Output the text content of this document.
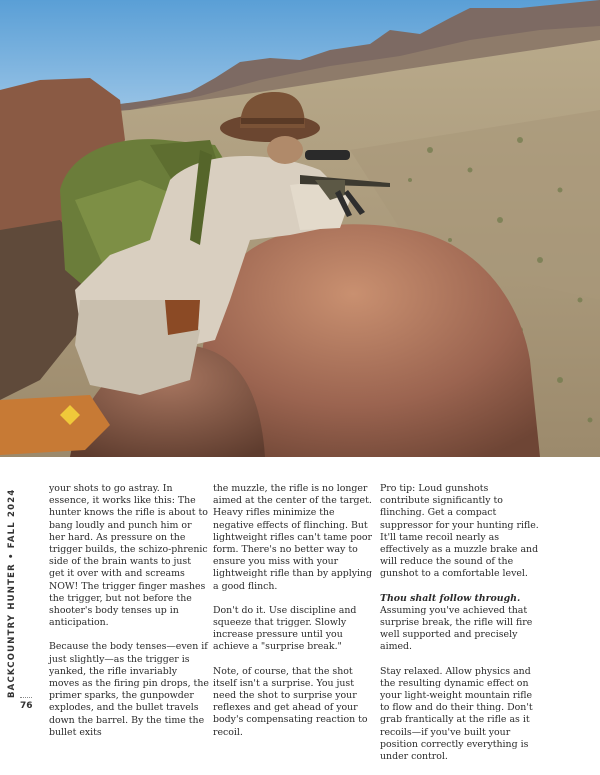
BACKCOUNTRY HUNTER • FALL 2024
76

your shots to go astray. In essence, it works like this: The hunter knows the rifle is about to bang loudly and punch him or her hard. As pressure on the trigger builds, the schizo-phrenic side of the brain wants to just get it over with and screams NOW! The trigger finger mashes the trigger, but not before the shooter's body tenses up in anticipation.

Because the body tenses—even if just slightly—as the trigger is yanked, the rifle invariably moves as the firing pin drops, the primer sparks, the gunpowder explodes, and the bullet travels down the barrel. By the time the bullet exits

the muzzle, the rifle is no longer aimed at the center of the target. Heavy rifles minimize the negative effects of flinching. But lightweight rifles can't tame poor form. There's no better way to ensure you miss with your lightweight rifle than by applying a good flinch.

Don't do it. Use discipline and squeeze that trigger. Slowly increase pressure until you achieve a "surprise break."

Note, of course, that the shot itself isn't a surprise. You just need the shot to surprise your reflexes and get ahead of your body's compensating reaction to recoil.

Pro tip: Loud gunshots contribute significantly to flinching. Get a compact suppressor for your hunting rifle. It'll tame recoil nearly as effectively as a muzzle brake and will reduce the sound of the gunshot to a comfortable level.

Thou shalt follow through. Assuming you've achieved that surprise break, the rifle will fire well supported and precisely aimed.

Stay relaxed. Allow physics and the resulting dynamic effect on your light-weight mountain rifle to flow and do their thing. Don't grab frantically at the rifle as it recoils—if you've built your position correctly everything is under control.
